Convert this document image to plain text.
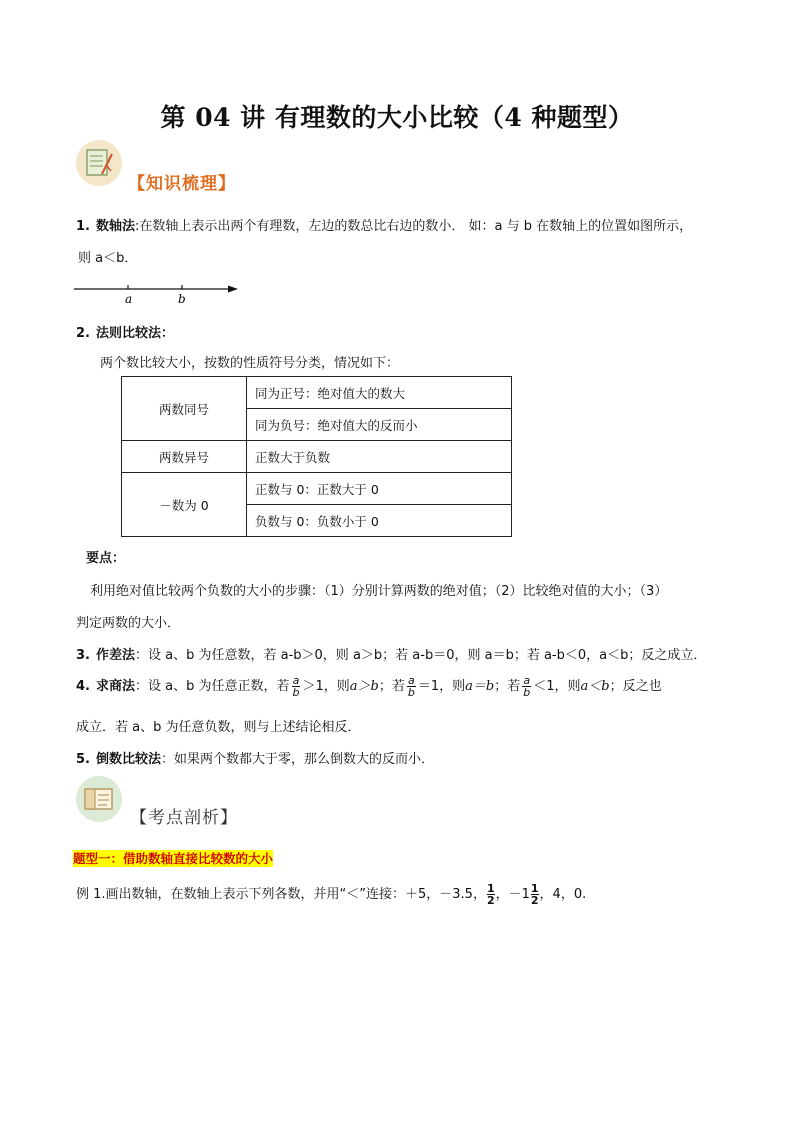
第 04 讲 有理数的大小比较（4 种题型）
【知识梳理】
1. 数轴法:在数轴上表示出两个有理数，左边的数总比右边的数小． 如：a 与 b 在数轴上的位置如图所示，
则 a＜b．
a	b
2. 法则比较法：
两个数比较大小，按数的性质符号分类，情况如下：
两数同号	同为正号：绝对值大的数大
	同为负号：绝对值大的反而小
两数异号	正数大于负数
－数为 0	正数与 0：正数大于 0
	负数与 0：负数小于 0
要点：
利用绝对值比较两个负数的大小的步骤：（1）分别计算两数的绝对值；（2）比较绝对值的大小；（3）
判定两数的大小．
3. 作差法：设 a、b 为任意数，若 a-b＞0，则 a＞b；若 a-b＝0，则 a＝b；若 a-b＜0，a＜b；反之成立．
4. 求商法：设 a、b 为任意正数，若 $\frac{a}{b} >1$，则a＞b；若 $\frac{a}{b} =1$，则a＝b；若 $\frac{a}{b} <1$，则a＜b；反之也
成立．若 a、b 为任意负数，则与上述结论相反．
5. 倒数比较法：如果两个数都大于零，那么倒数大的反而小．
【考点剖析】
题型一：借助数轴直接比较数的大小
例 1.画出数轴，在数轴上表示下列各数，并用“＜”连接：＋5，－3.5， $\frac{1}{2}$ ，$-1 \frac{1}{2}$ ，4，0.
